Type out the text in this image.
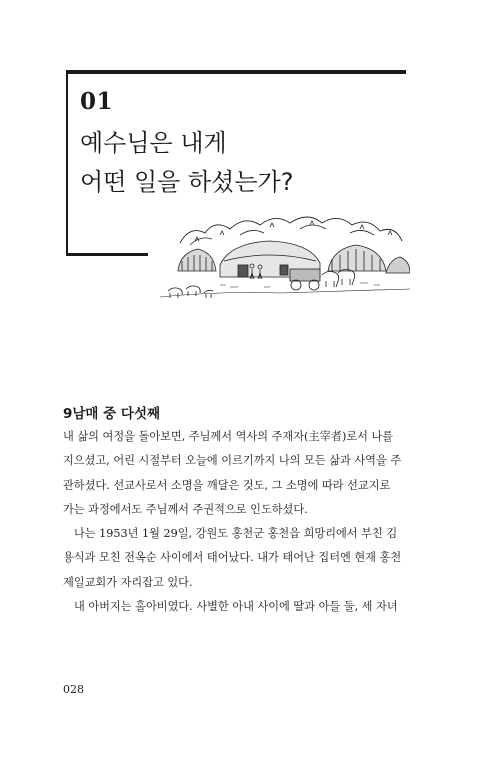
01
예수님은 내게
어떤 일을 하셨는가?
9남매 중 다섯째

내 삶의 여정을 돌아보면, 주님께서 역사의 주재자(主宰者)로서 나를
지으셨고, 어린 시절부터 오늘에 이르기까지 나의 모든 삶과 사역을 주
관하셨다. 선교사로서 소명을 깨달은 것도, 그 소명에 따라 선교지로
가는 과정에서도 주님께서 주권적으로 인도하셨다.

나는 1953년 1월 29일, 강원도 홍천군 홍천읍 희망리에서 부친 김
용식과 모친 전옥순 사이에서 태어났다. 내가 태어난 집터엔 현재 홍천
제일교회가 자리잡고 있다.

내 아버지는 홀아비였다. 사별한 아내 사이에 딸과 아들 둘, 세 자녀

028
